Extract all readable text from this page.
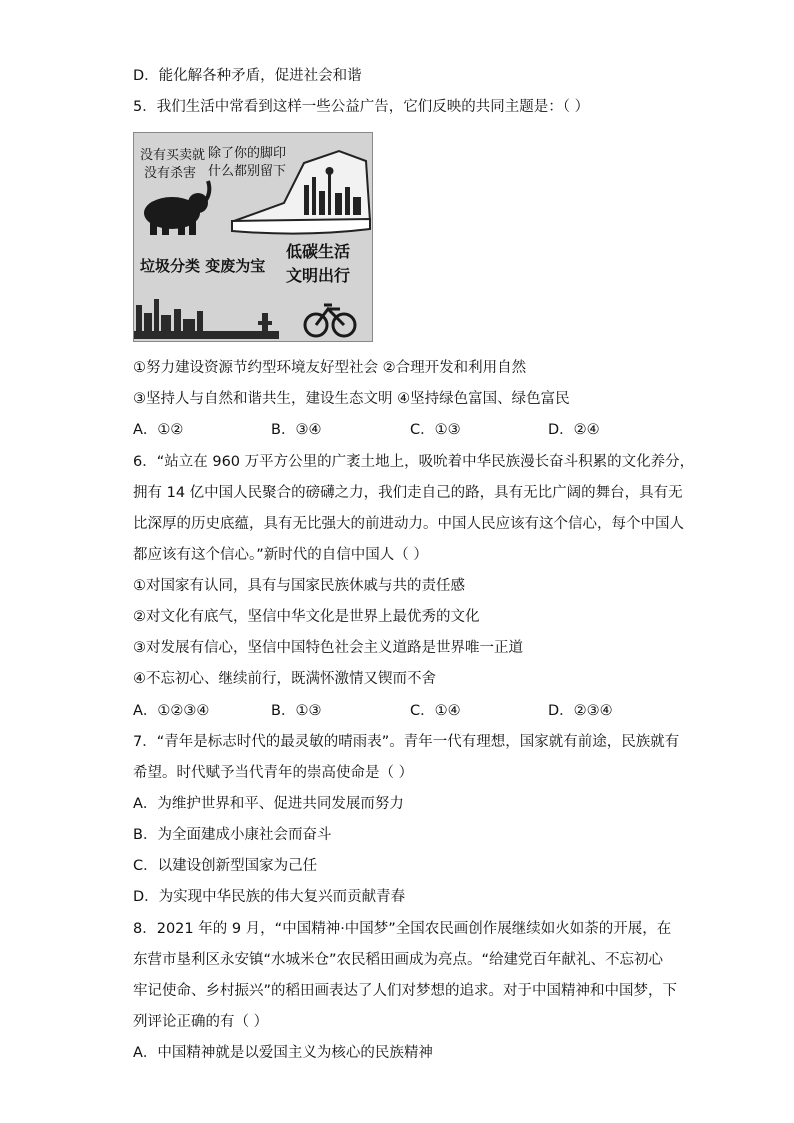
D．能化解各种矛盾，促进社会和谐
5．我们生活中常看到这样一些公益广告，它们反映的共同主题是：（ ）
没有买卖就
没有杀害
除了你的脚印
什么都别留下
垃圾分类 变废为宝
低碳生活
文明出行
①努力建设资源节约型环境友好型社会 ②合理开发和利用自然
③坚持人与自然和谐共生，建设生态文明 ④坚持绿色富国、绿色富民
A．①②	B．③④	C．①③	D．②④
6．“站立在 960 万平方公里的广袤土地上，吸吮着中华民族漫长奋斗积累的文化养分，
拥有 14 亿中国人民聚合的磅礴之力，我们走自己的路，具有无比广阔的舞台，具有无
比深厚的历史底蕴，具有无比强大的前进动力。中国人民应该有这个信心，每个中国人
都应该有这个信心。”新时代的自信中国人（ ）
①对国家有认同，具有与国家民族休戚与共的责任感
②对文化有底气，坚信中华文化是世界上最优秀的文化
③对发展有信心，坚信中国特色社会主义道路是世界唯一正道
④不忘初心、继续前行，既满怀激情又锲而不舍
A．①②③④	B．①③	C．①④	D．②③④
7．“青年是标志时代的最灵敏的晴雨表”。青年一代有理想，国家就有前途，民族就有
希望。时代赋予当代青年的崇高使命是（ ）
A．为维护世界和平、促进共同发展而努力
B．为全面建成小康社会而奋斗
C．以建设创新型国家为己任
D．为实现中华民族的伟大复兴而贡献青春
8．2021 年的 9 月，“中国精神·中国梦”全国农民画创作展继续如火如荼的开展，在
东营市垦利区永安镇“水城米仓”农民稻田画成为亮点。“给建党百年献礼、不忘初心
牢记使命、乡村振兴”的稻田画表达了人们对梦想的追求。对于中国精神和中国梦，下
列评论正确的有（ ）
A．中国精神就是以爱国主义为核心的民族精神
